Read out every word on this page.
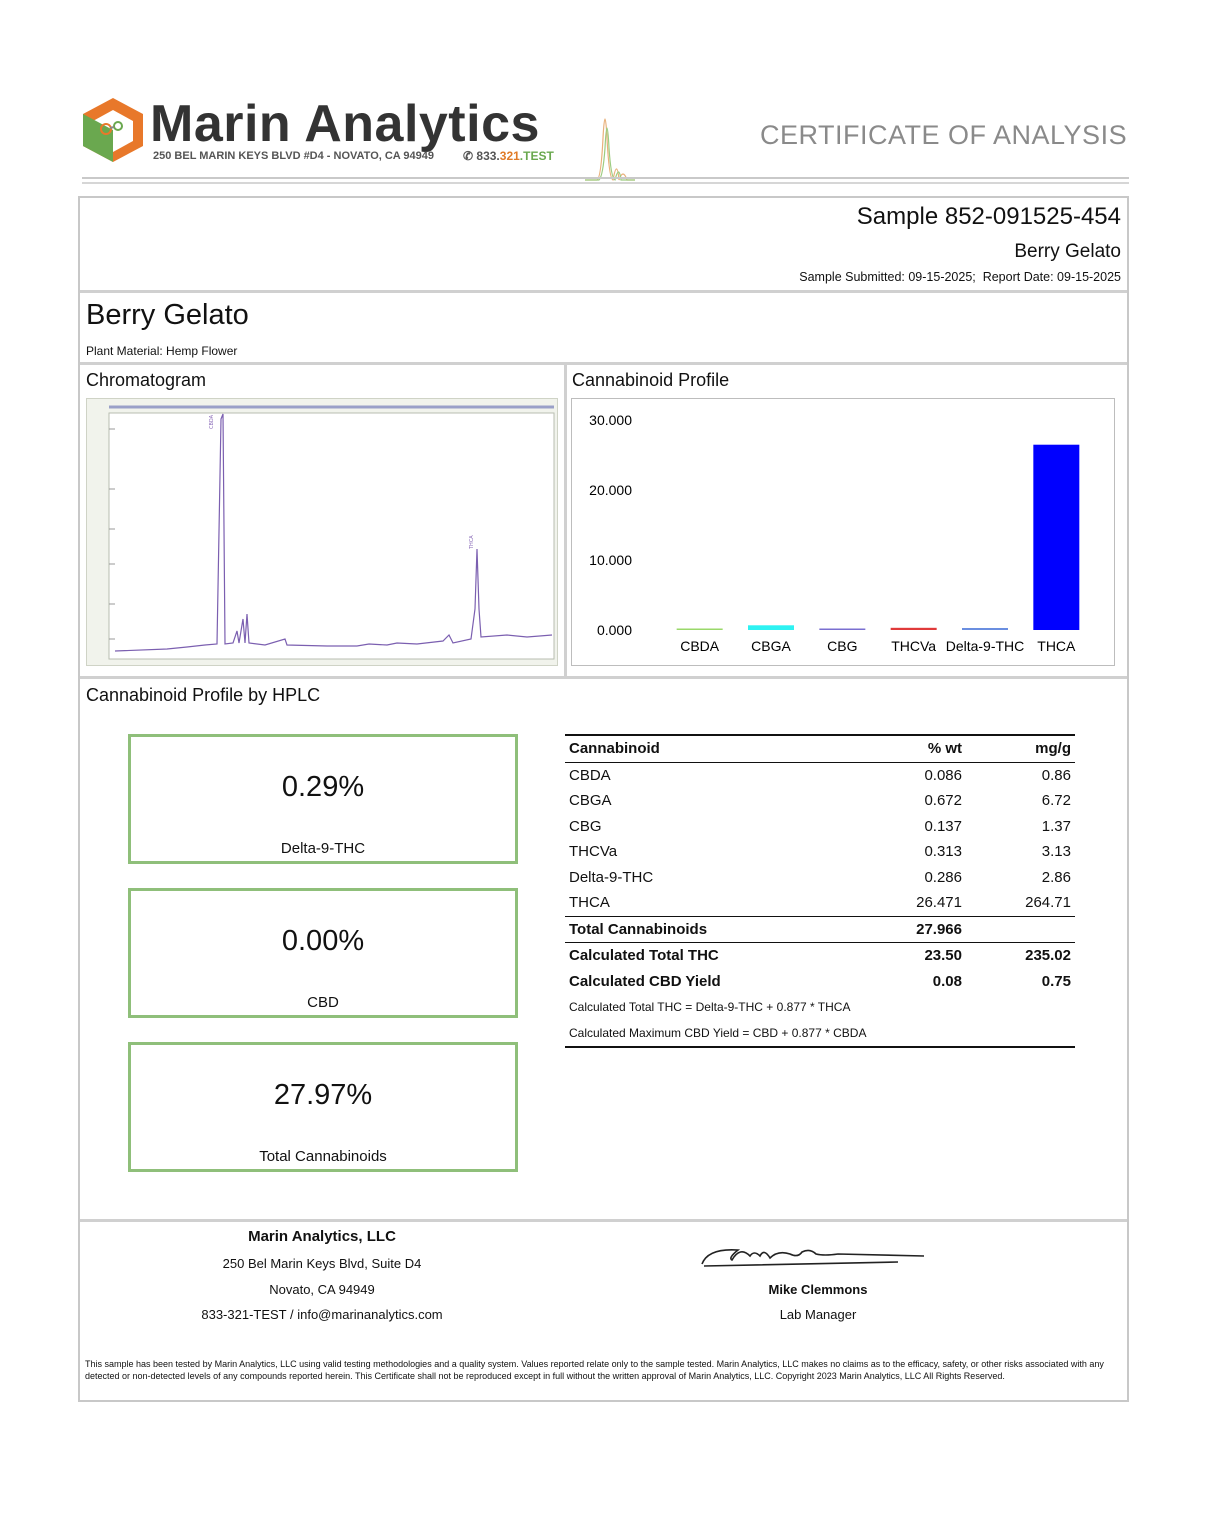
Marin Analytics
250 BEL MARIN KEYS BLVD #D4 - NOVATO, CA 94949 ✆ 833.321.TEST
CERTIFICATE OF ANALYSIS
Sample 852-091525-454
Berry Gelato
Sample Submitted: 09-15-2025;  Report Date: 09-15-2025
Berry Gelato
Plant Material: Hemp Flower
Chromatogram
CBDA
THCA
Cannabinoid Profile
0.000
10.000
20.000
30.000
CBDA CBGA	CBG THCVa Delta-9-THC THCA
Cannabinoid Profile by HPLC
0.29%
Delta-9-THC
0.00%
CBD
27.97%
Total Cannabinoids
Cannabinoid	% wt	mg/g
CBDA	0.086	0.86
CBGA	0.672	6.72
CBG	0.137	1.37
THCVa	0.313	3.13
Delta-9-THC	0.286	2.86
THCA	26.471	264.71
Total Cannabinoids	27.966	
Calculated Total THC	23.50	235.02
Calculated CBD Yield	0.08	0.75
Calculated Total THC = Delta-9-THC + 0.877 * THCA		
Calculated Maximum CBD Yield = CBD + 0.877 * CBDA		
Marin Analytics, LLC
250 Bel Marin Keys Blvd, Suite D4
Novato, CA 94949
833-321-TEST / info@marinanalytics.com
Mike Clemmons
Lab Manager
This sample has been tested by Marin Analytics, LLC using valid testing methodologies and a quality system. Values reported relate only to the sample tested. Marin Analytics, LLC makes no claims as to the efficacy, safety, or other risks associated with any detected or non-detected levels of any compounds reported herein. This Certificate shall not be reproduced except in full without the written approval of Marin Analytics, LLC. Copyright 2023 Marin Analytics, LLC All Rights Reserved.
